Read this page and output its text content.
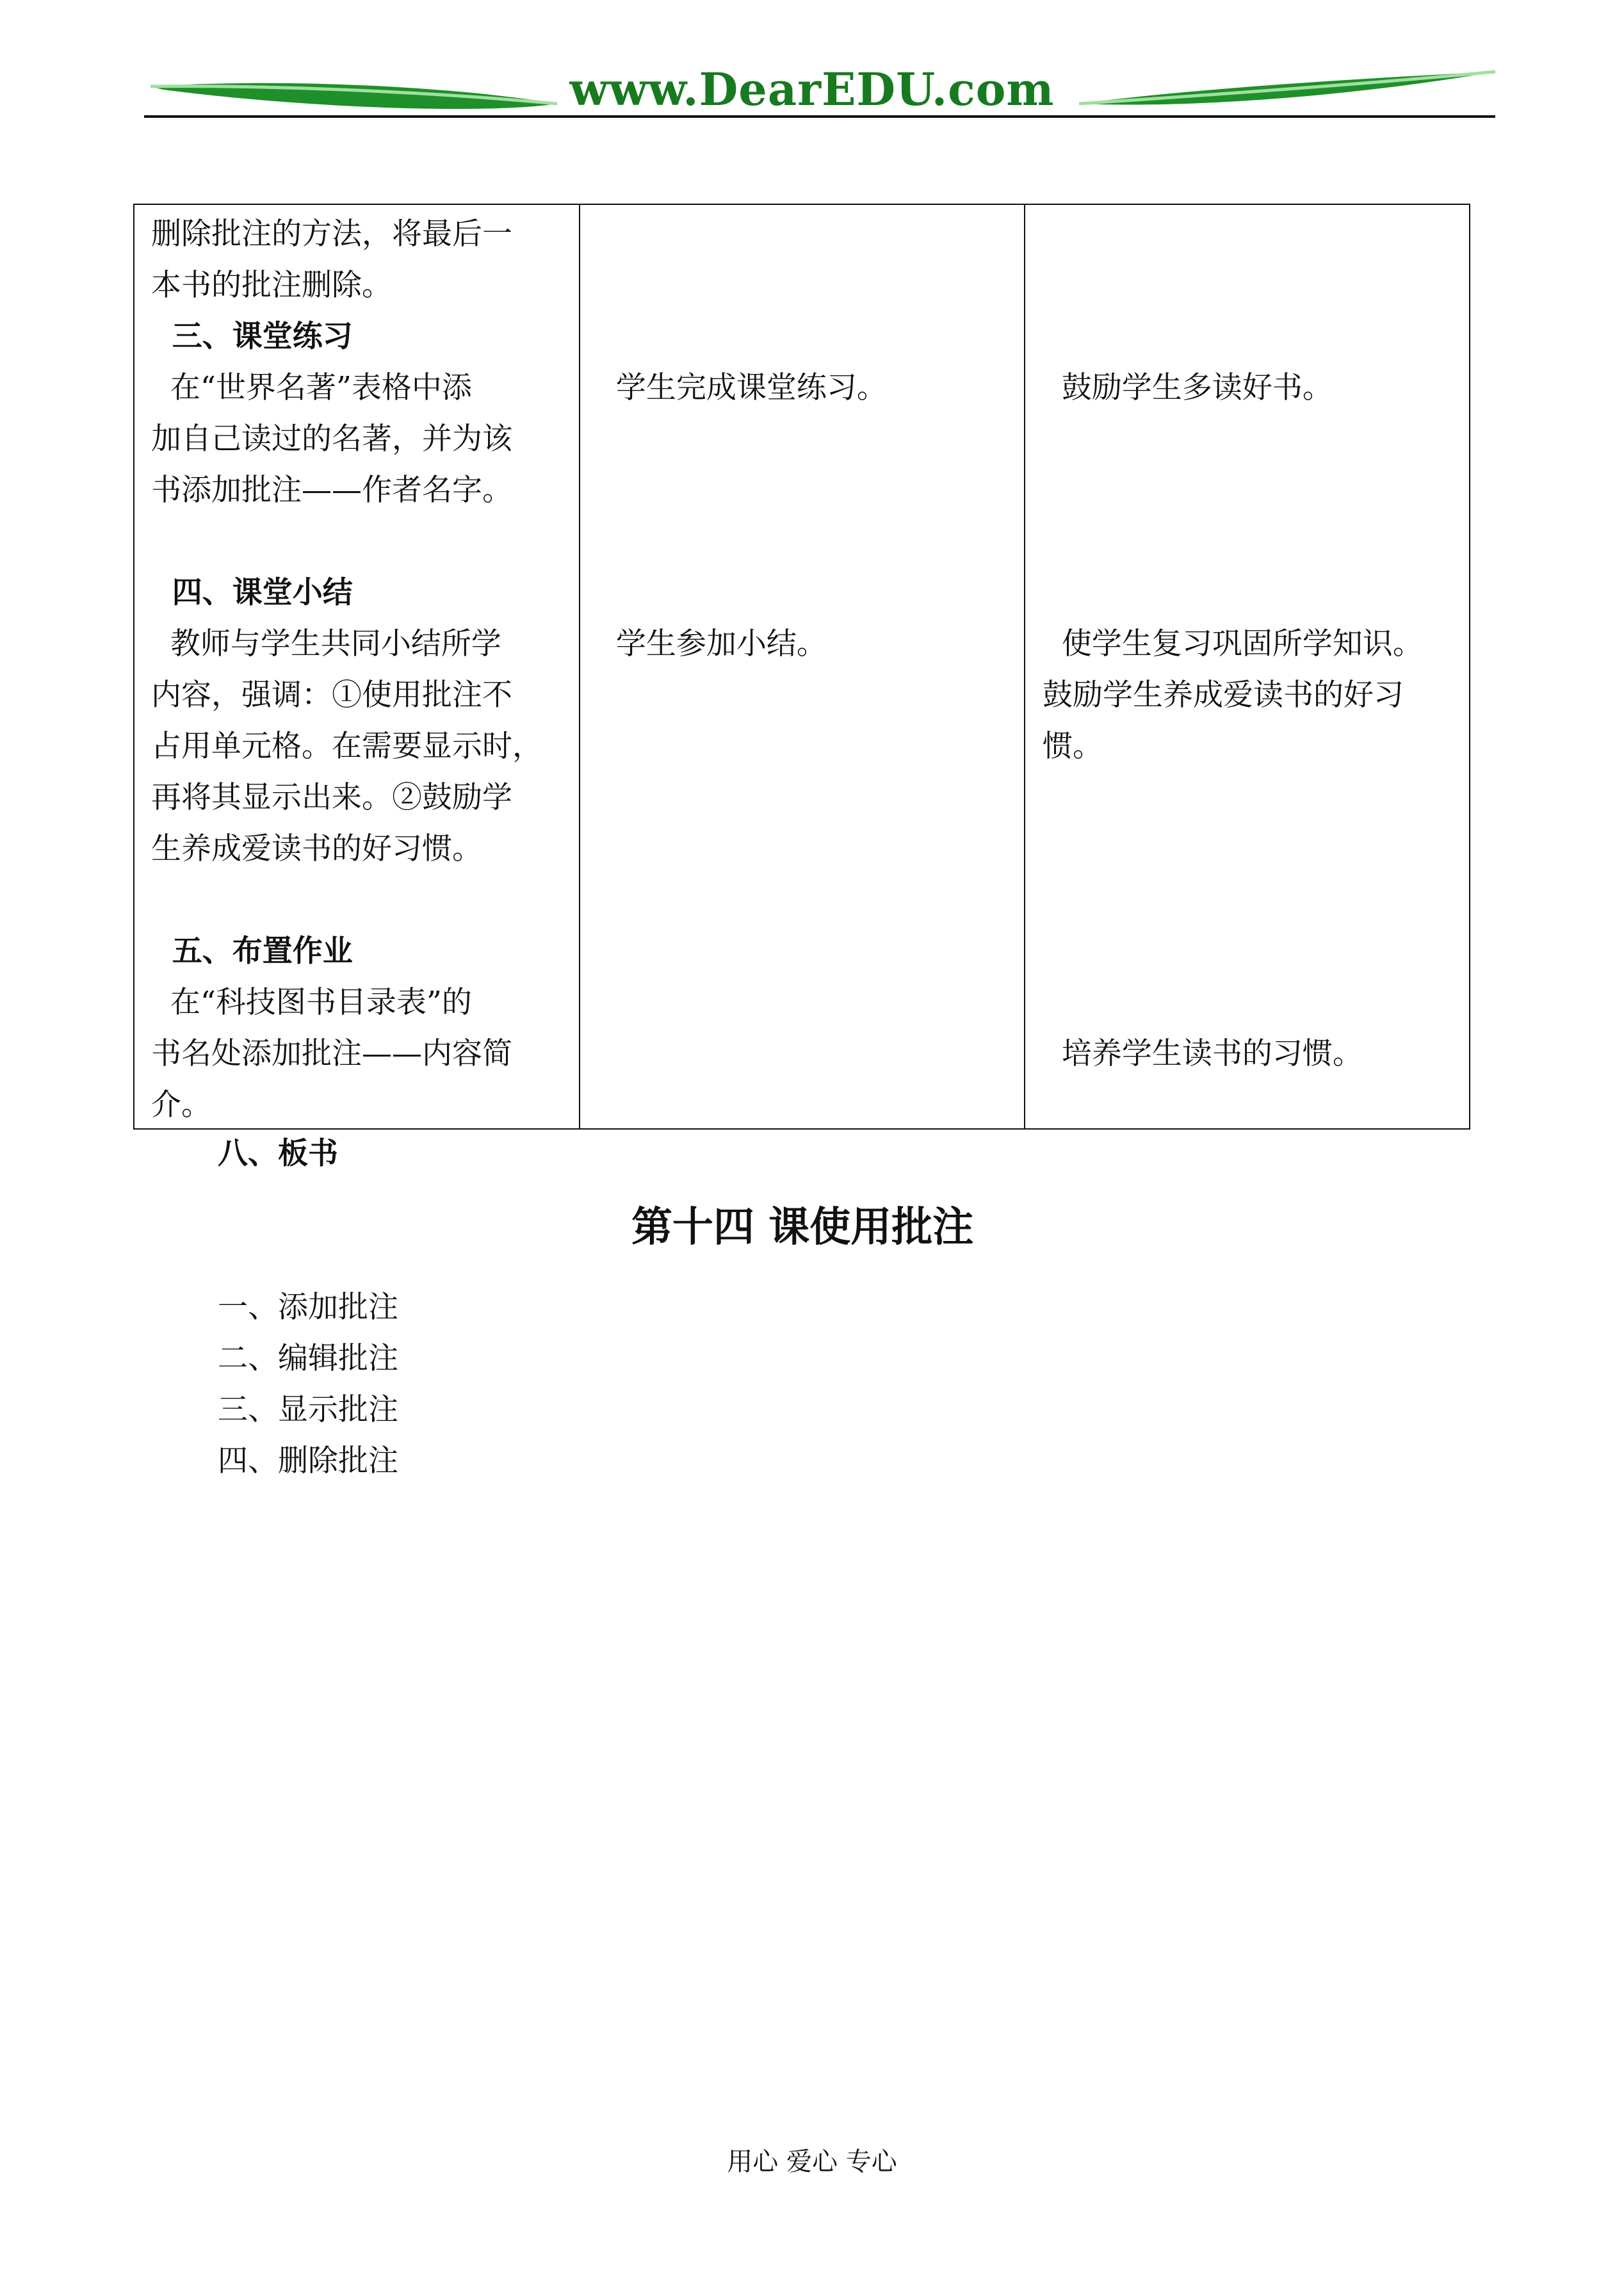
www.DearEDU.com
删除批注的方法，将最后一
本书的批注删除。
三、课堂练习
在“世界名著”表格中添
加自己读过的名著，并为该
书添加批注——作者名字。
四、课堂小结
教师与学生共同小结所学
内容，强调：①使用批注不
占用单元格。在需要显示时，
再将其显示出来。②鼓励学
生养成爱读书的好习惯。
五、布置作业
在“科技图书目录表”的
书名处添加批注——内容简
介。
学生完成课堂练习。
学生参加小结。
鼓励学生多读好书。
使学生复习巩固所学知识。
鼓励学生养成爱读书的好习
惯。
培养学生读书的习惯。
八、板书
第十四 课使用批注
一、添加批注
二、编辑批注
三、显示批注
四、删除批注
用心 爱心 专心
